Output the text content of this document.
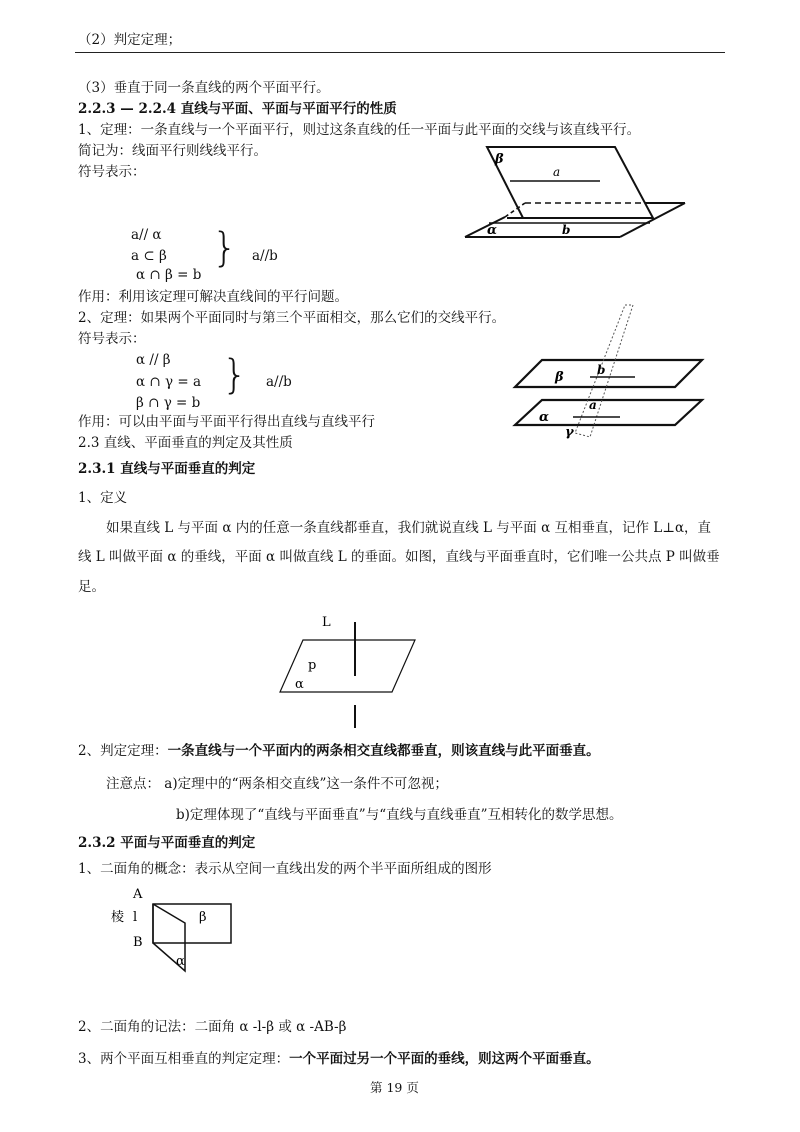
（2）判定定理；
（3）垂直于同一条直线的两个平面平行。
2.2.3 — 2.2.4 直线与平面、平面与平面平行的性质
1、定理：一条直线与一个平面平行，则过这条直线的任一平面与此平面的交线与该直线平行。
简记为：线面平行则线线平行。
符号表示：
a// α
a ⊂ β
α ∩ β = b
} a//b
β
a
α	b
作用：利用该定理可解决直线间的平行问题。
2、定理：如果两个平面同时与第三个平面相交，那么它们的交线平行。
符号表示：
α // β
α ∩ γ = a
β ∩ γ = b
} a//b	β	b
a
α
γ
作用：可以由平面与平面平行得出直线与直线平行
2.3 直线、平面垂直的判定及其性质
2.3.1 直线与平面垂直的判定
1、定义
如果直线 L 与平面 α 内的任意一条直线都垂直，我们就说直线 L 与平面 α 互相垂直，记作 L⊥α，直
线 L 叫做平面 α 的垂线，平面 α 叫做直线 L 的垂面。如图，直线与平面垂直时，它们唯一公共点 P 叫做垂
足。
L
p
α
2、判定定理：一条直线与一个平面内的两条相交直线都垂直，则该直线与此平面垂直。
注意点： a)定理中的“两条相交直线”这一条件不可忽视；
b)定理体现了“直线与平面垂直”与“直线与直线垂直”互相转化的数学思想。
2.3.2 平面与平面垂直的判定
1、二面角的概念：表示从空间一直线出发的两个半平面所组成的图形
A
棱 l
B
β
α
2、二面角的记法：二面角 α -l-β 或 α -AB-β
3、两个平面互相垂直的判定定理：一个平面过另一个平面的垂线，则这两个平面垂直。
第 19 页
